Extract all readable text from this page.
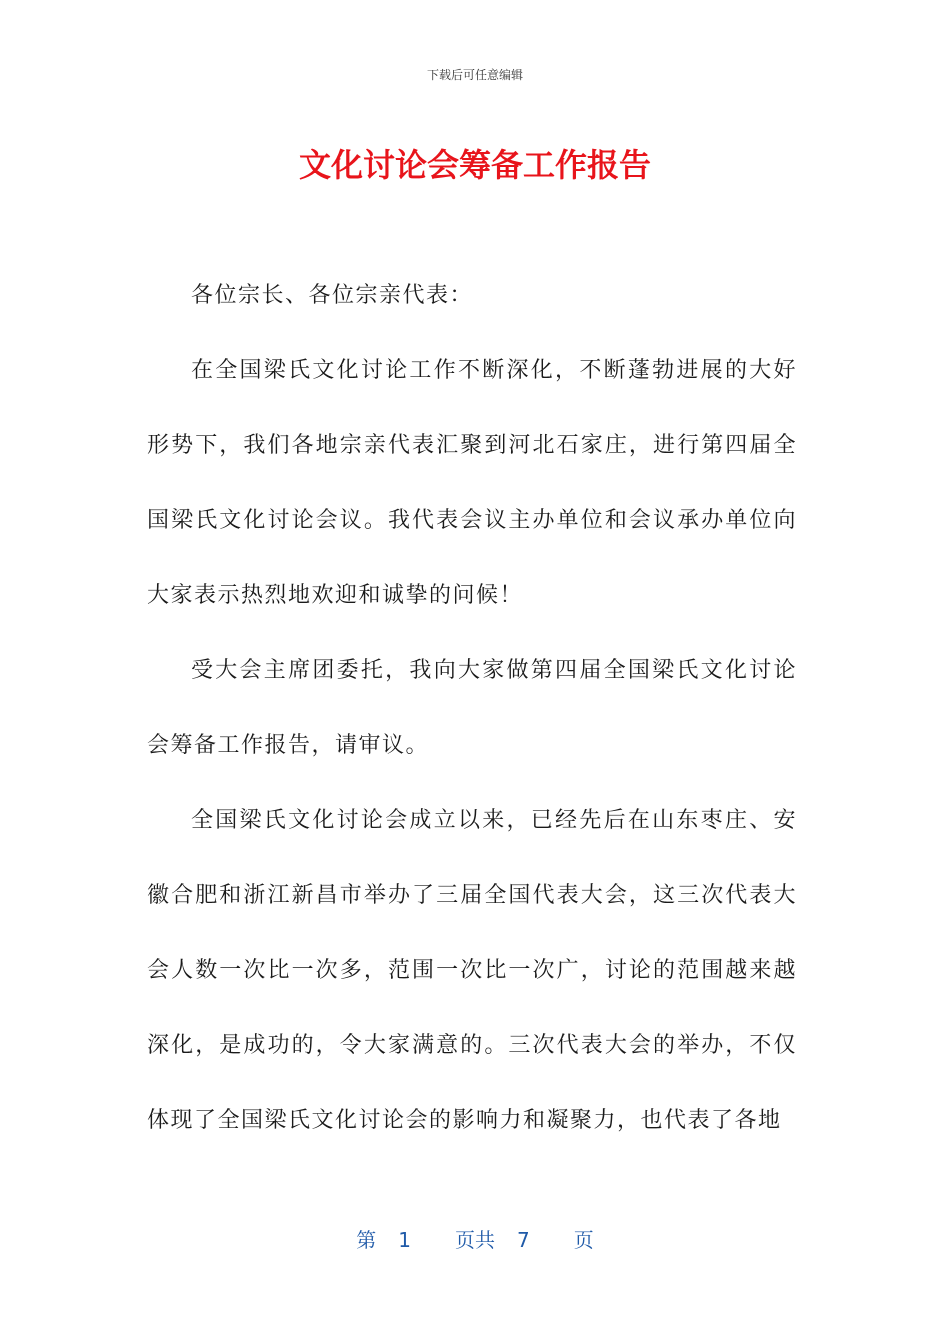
下载后可任意编辑
文化讨论会筹备工作报告

各位宗长、各位宗亲代表：

在全国梁氏文化讨论工作不断深化，不断蓬勃进展的大好形势下，我们各地宗亲代表汇聚到河北石家庄，进行第四届全国梁氏文化讨论会议。我代表会议主办单位和会议承办单位向大家表示热烈地欢迎和诚挚的问候！

受大会主席团委托，我向大家做第四届全国梁氏文化讨论会筹备工作报告，请审议。

全国梁氏文化讨论会成立以来，已经先后在山东枣庄、安徽合肥和浙江新昌市举办了三届全国代表大会，这三次代表大会人数一次比一次多，范围一次比一次广，讨论的范围越来越深化，是成功的，令大家满意的。三次代表大会的举办，不仅体现了全国梁氏文化讨论会的影响力和凝聚力，也代表了各地

第 1 页共 7 页
